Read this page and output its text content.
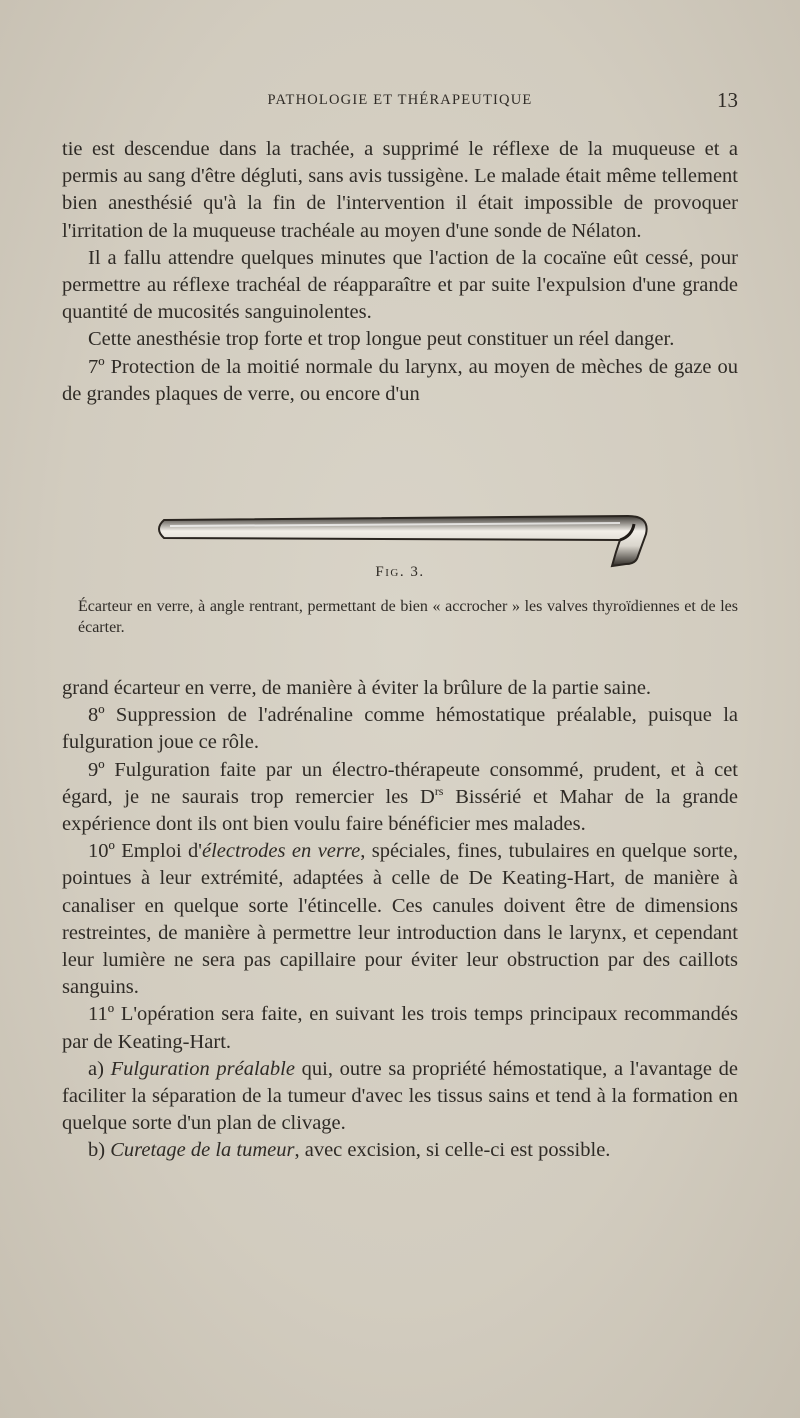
PATHOLOGIE ET THÉRAPEUTIQUE	13

tie est descendue dans la trachée, a supprimé le réflexe de la muqueuse et a permis au sang d'être dégluti, sans avis tussigène. Le malade était même tellement bien anesthésié qu'à la fin de l'intervention il était impossible de provoquer l'irritation de la muqueuse trachéale au moyen d'une sonde de Nélaton.

Il a fallu attendre quelques minutes que l'action de la cocaïne eût cessé, pour permettre au réflexe trachéal de réapparaître et par suite l'expulsion d'une grande quantité de mucosités sanguinolentes.

Cette anesthésie trop forte et trop longue peut constituer un réel danger.

7º Protection de la moitié normale du larynx, au moyen de mèches de gaze ou de grandes plaques de verre, ou encore d'un

Fig. 3.
Écarteur en verre, à angle rentrant, permettant de bien « accrocher » les valves thyroïdiennes et de les écarter.

grand écarteur en verre, de manière à éviter la brûlure de la partie saine.

8º Suppression de l'adrénaline comme hémostatique préalable, puisque la fulguration joue ce rôle.

9º Fulguration faite par un électro-thérapeute consommé, prudent, et à cet égard, je ne saurais trop remercier les $D^{rs}$ Bissérié et Mahar de la grande expérience dont ils ont bien voulu faire bénéficier mes malades.

10º Emploi d'électrodes en verre, spéciales, fines, tubulaires en quelque sorte, pointues à leur extrémité, adaptées à celle de De Keating-Hart, de manière à canaliser en quelque sorte l'étincelle. Ces canules doivent être de dimensions restreintes, de manière à permettre leur introduction dans le larynx, et cependant leur lumière ne sera pas capillaire pour éviter leur obstruction par des caillots sanguins.

11º L'opération sera faite, en suivant les trois temps principaux recommandés par de Keating-Hart.

a) Fulguration préalable qui, outre sa propriété hémostatique, a l'avantage de faciliter la séparation de la tumeur d'avec les tissus sains et tend à la formation en quelque sorte d'un plan de clivage.

b) Curetage de la tumeur, avec excision, si celle-ci est possible.
